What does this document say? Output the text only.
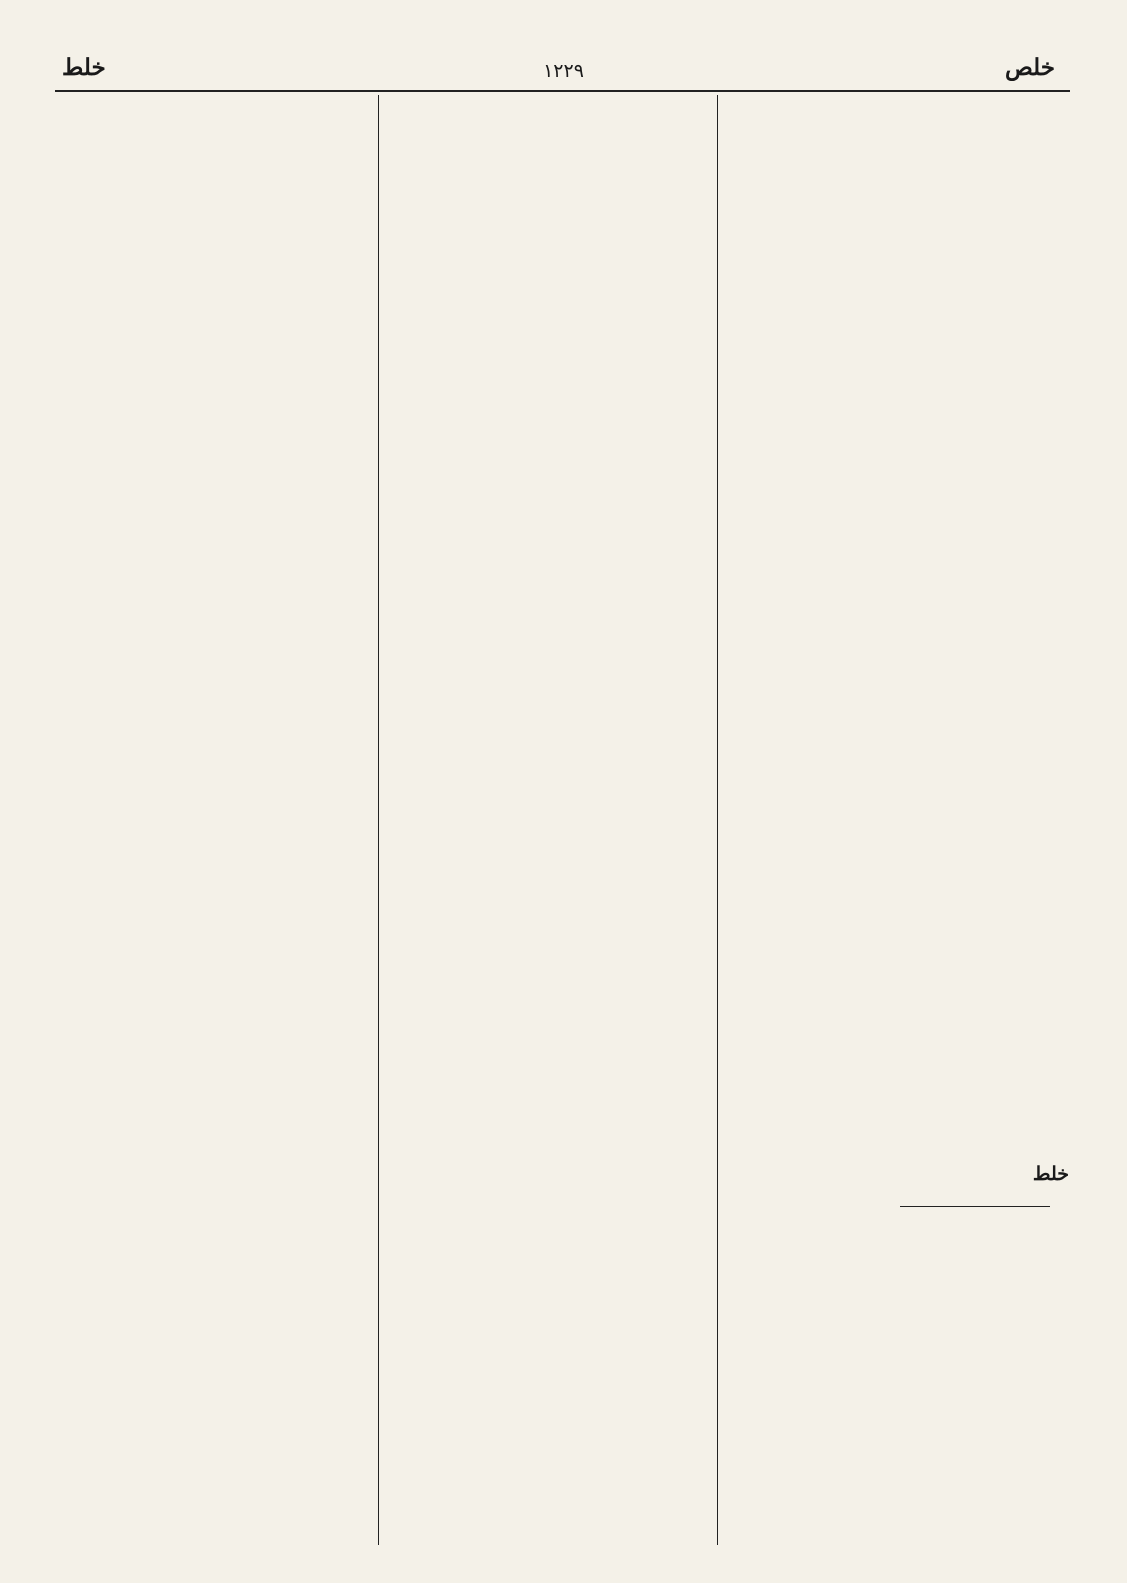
خلص
١٢٢٩
خلط
خلط
